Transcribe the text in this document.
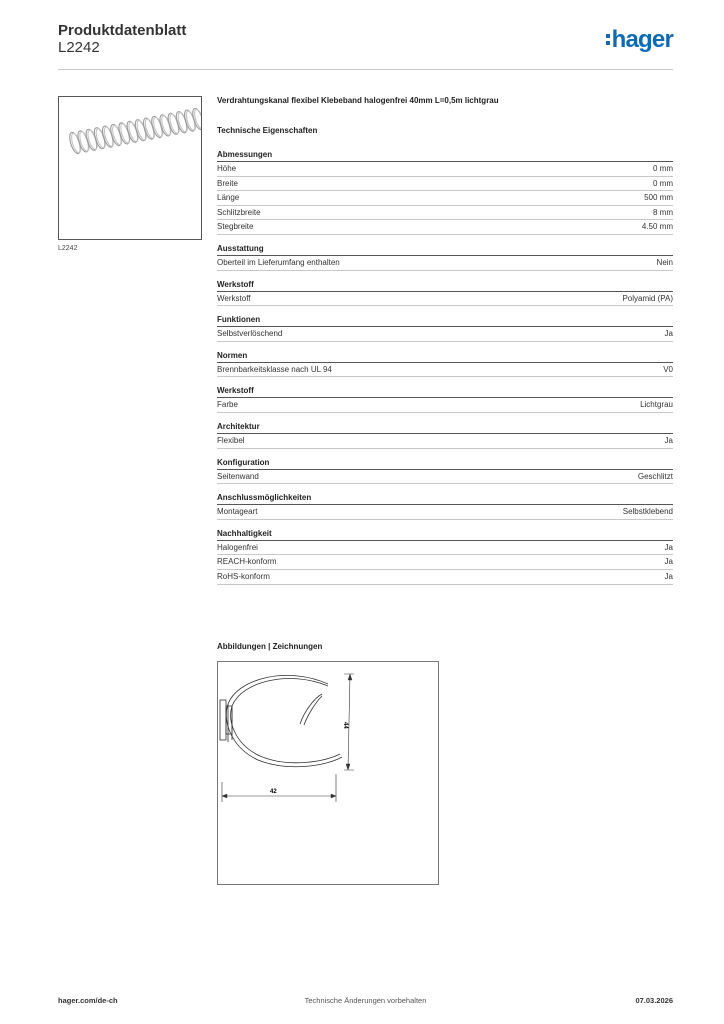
Produktdatenblatt
L2242	hager
L2242
Verdrahtungskanal flexibel Klebeband halogenfrei 40mm L=0,5m lichtgrau
Technische Eigenschaften
Abmessungen
Höhe	0 mm
Breite	0 mm
Länge	500 mm
Schlitzbreite	8 mm
Stegbreite	4.50 mm
Ausstattung
Oberteil im Lieferumfang enthalten	Nein
Werkstoff
Werkstoff	Polyamid (PA)
Funktionen
Selbstverlöschend	Ja
Normen
Brennbarkeitsklasse nach UL 94	V0
Werkstoff
Farbe	Lichtgrau
Architektur
Flexibel	Ja
Konfiguration
Seitenwand	Geschlitzt
Anschlussmöglichkeiten
Montageart	Selbstklebend
Nachhaltigkeit
Halogenfrei	Ja
REACH-konform	Ja
RoHS-konform	Ja
Abbildungen | Zeichnungen
44
42
hager.com/de-ch	Technische Änderungen vorbehalten	07.03.2026
